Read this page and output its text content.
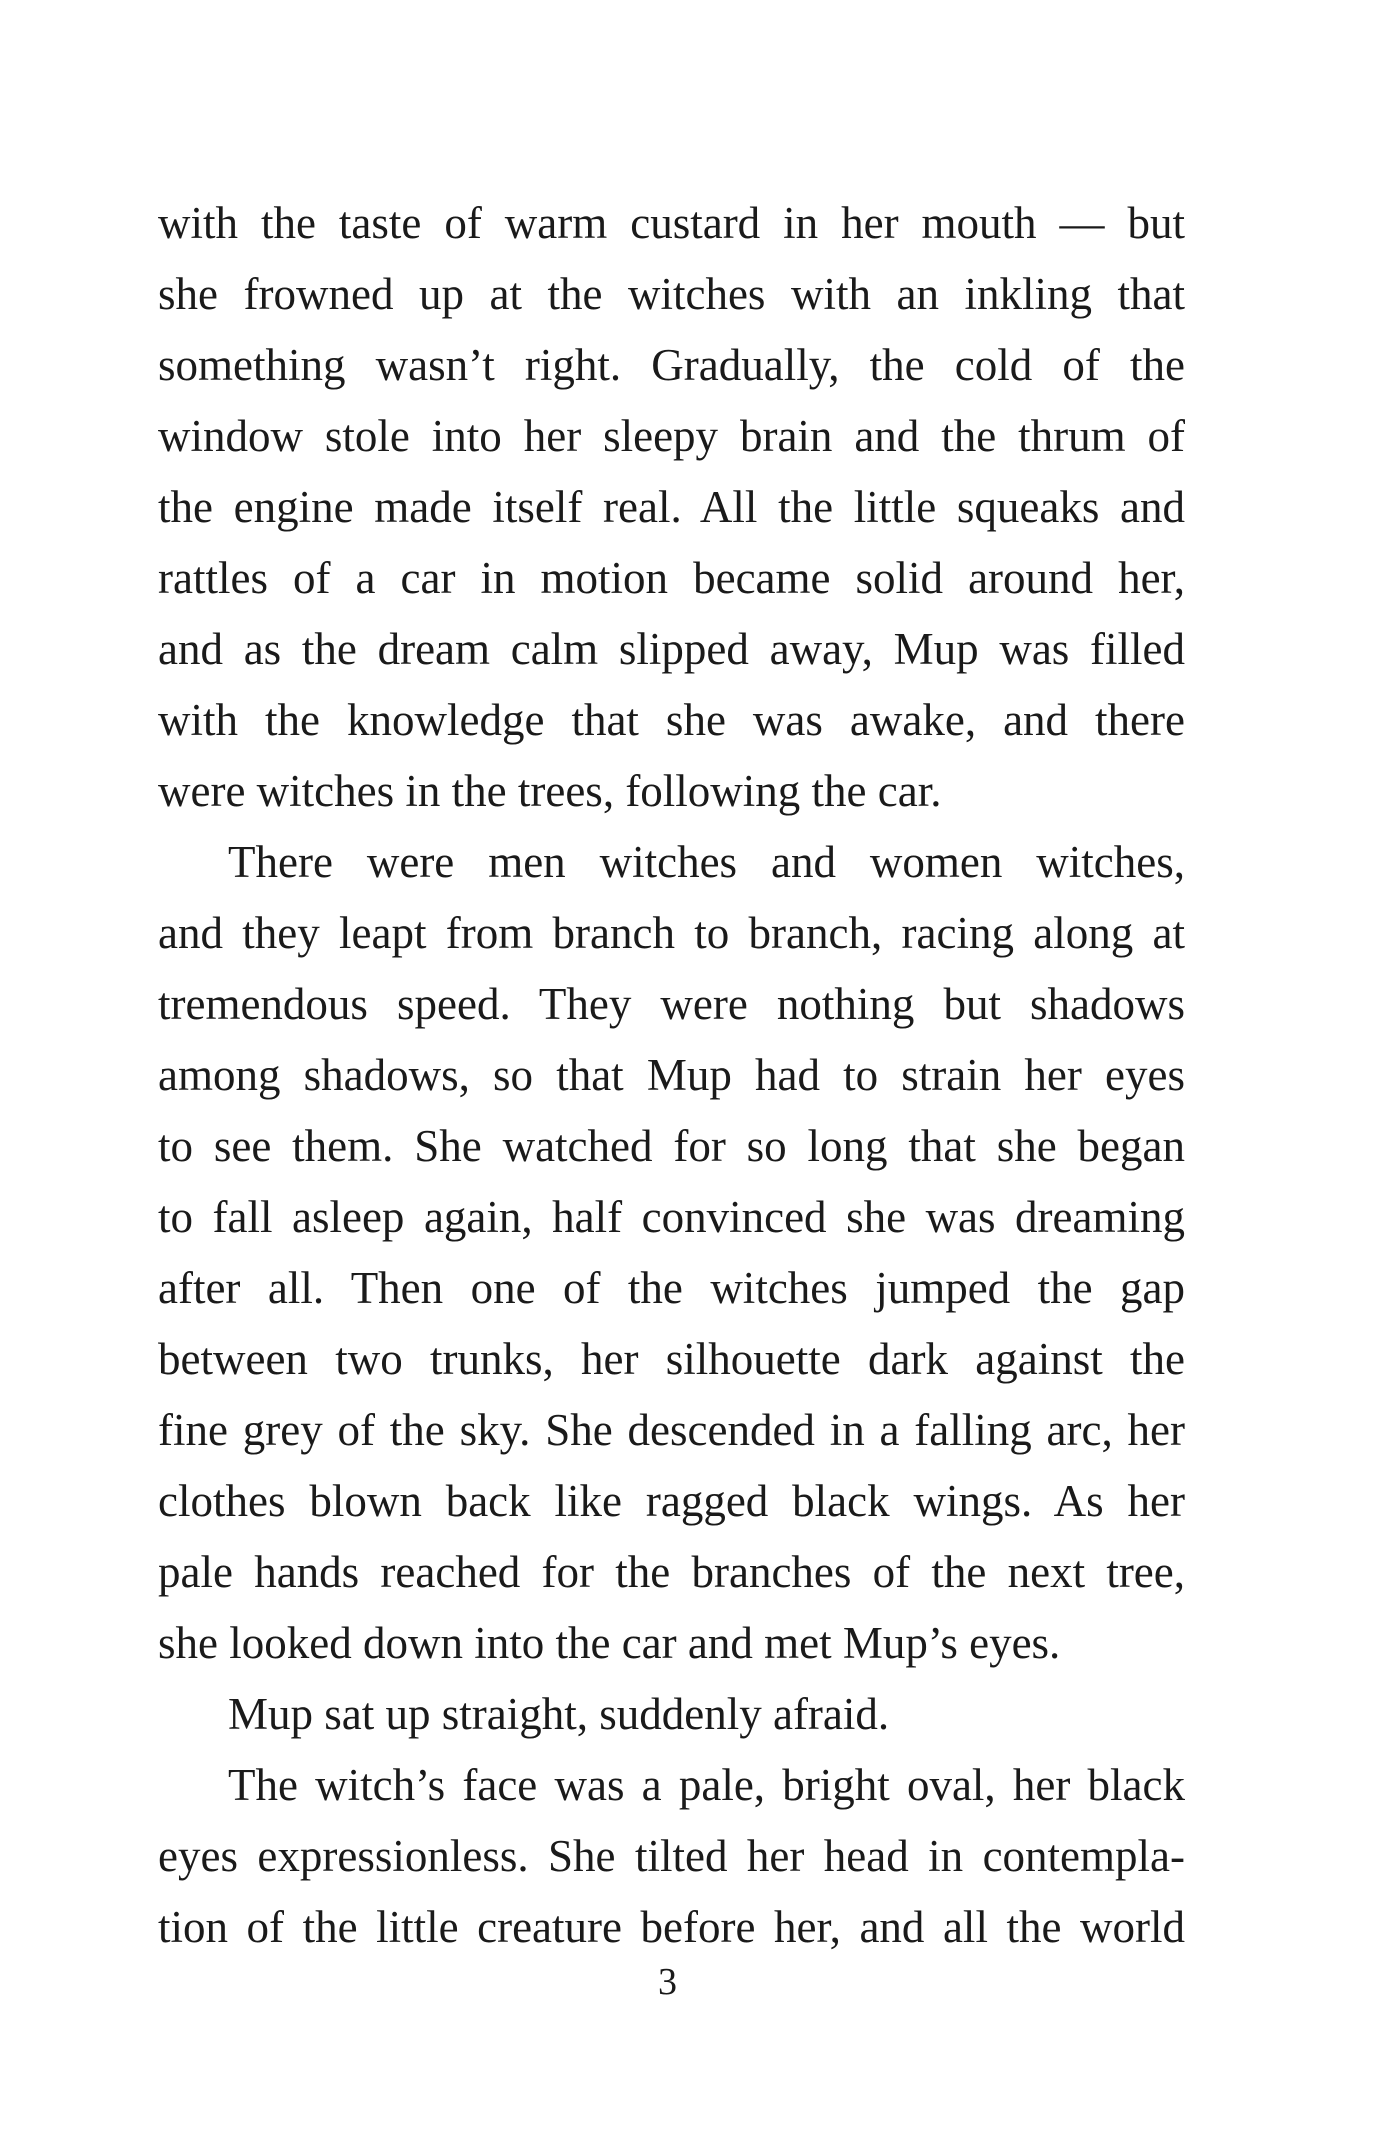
with the taste of warm custard in her mouth — but
she frowned up at the witches with an inkling that
something wasn’t right. Gradually, the cold of the
window stole into her sleepy brain and the thrum of
the engine made itself real. All the little squeaks and
rattles of a car in motion became solid around her,
and as the dream calm slipped away, Mup was filled
with the knowledge that she was awake, and there
were witches in the trees, following the car.
There were men witches and women witches,
and they leapt from branch to branch, racing along at
tremendous speed. They were nothing but shadows
among shadows, so that Mup had to strain her eyes
to see them. She watched for so long that she began
to fall asleep again, half convinced she was dreaming
after all. Then one of the witches jumped the gap
between two trunks, her silhouette dark against the
fine grey of the sky. She descended in a falling arc, her
clothes blown back like ragged black wings. As her
pale hands reached for the branches of the next tree,
she looked down into the car and met Mup’s eyes.
Mup sat up straight, suddenly afraid.
The witch’s face was a pale, bright oval, her black
eyes expressionless. She tilted her head in contempla-
tion of the little creature before her, and all the world
3
